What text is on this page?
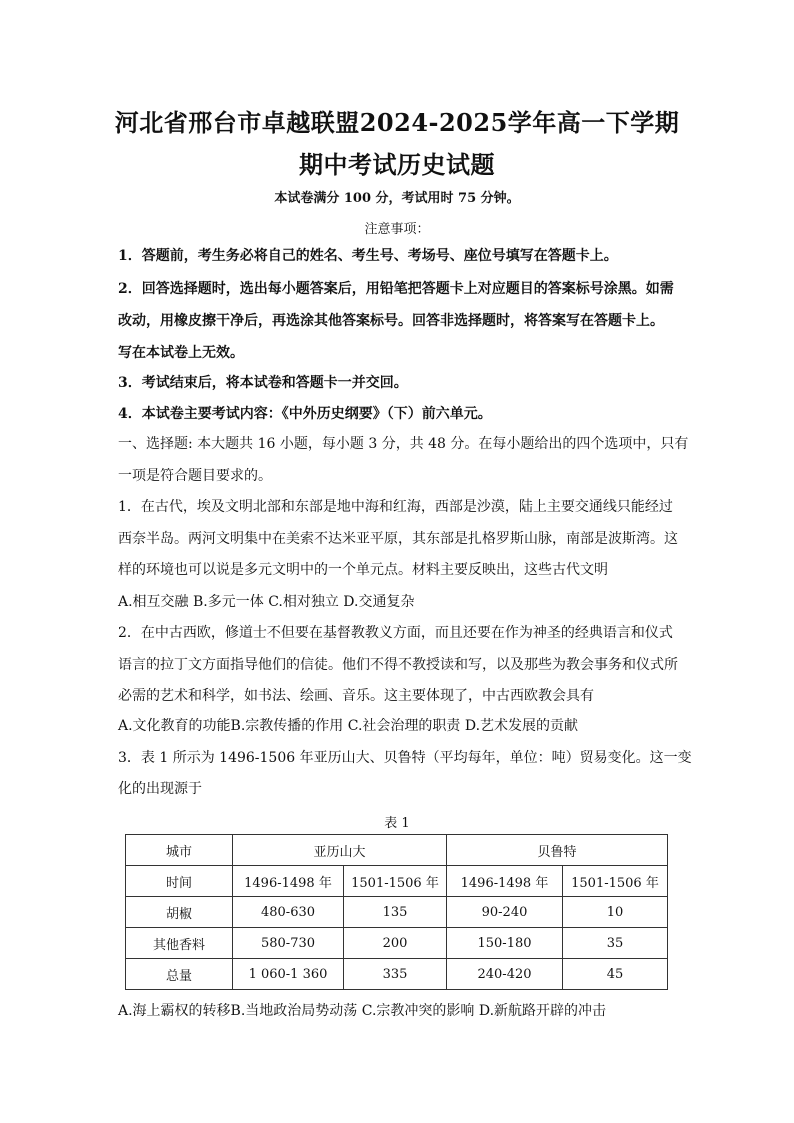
河北省邢台市卓越联盟2024-2025学年高一下学期
期中考试历史试题
本试卷满分 100 分，考试用时 75 分钟。
注意事项：
1．答题前，考生务必将自己的姓名、考生号、考场号、座位号填写在答题卡上。
2．回答选择题时，选出每小题答案后，用铅笔把答题卡上对应题目的答案标号涂黑。如需
改动，用橡皮擦干净后，再选涂其他答案标号。回答非选择题时，将答案写在答题卡上。
写在本试卷上无效。
3．考试结束后，将本试卷和答题卡一并交回。
4．本试卷主要考试内容：《中外历史纲要》（下）前六单元。
一、选择题: 本大题共 16 小题，每小题 3 分，共 48 分。在每小题给出的四个选项中，只有
一项是符合题目要求的。
1．在古代，埃及文明北部和东部是地中海和红海，西部是沙漠，陆上主要交通线只能经过
西奈半岛。两河文明集中在美索不达米亚平原，其东部是扎格罗斯山脉，南部是波斯湾。这
样的环境也可以说是多元文明中的一个单元点。材料主要反映出，这些古代文明
A.相互交融 B.多元一体 C.相对独立 D.交通复杂
2．在中古西欧，修道士不但要在基督教教义方面，而且还要在作为神圣的经典语言和仪式
语言的拉丁文方面指导他们的信徒。他们不得不教授读和写，以及那些为教会事务和仪式所
必需的艺术和科学，如书法、绘画、音乐。这主要体现了，中古西欧教会具有
A.文化教育的功能B.宗教传播的作用 C.社会治理的职责 D.艺术发展的贡献
3．表 1 所示为 1496-1506 年亚历山大、贝鲁特（平均每年，单位：吨）贸易变化。这一变
化的出现源于
表 1
城市	亚历山大		贝鲁特	
时间	1496-1498 年	1501-1506 年	1496-1498 年	1501-1506 年
胡椒	480-630	135	90-240	10
其他香料	580-730	200	150-180	35
总量	1 060-1 360	335	240-420	45
A.海上霸权的转移B.当地政治局势动荡 C.宗教冲突的影响 D.新航路开辟的冲击
